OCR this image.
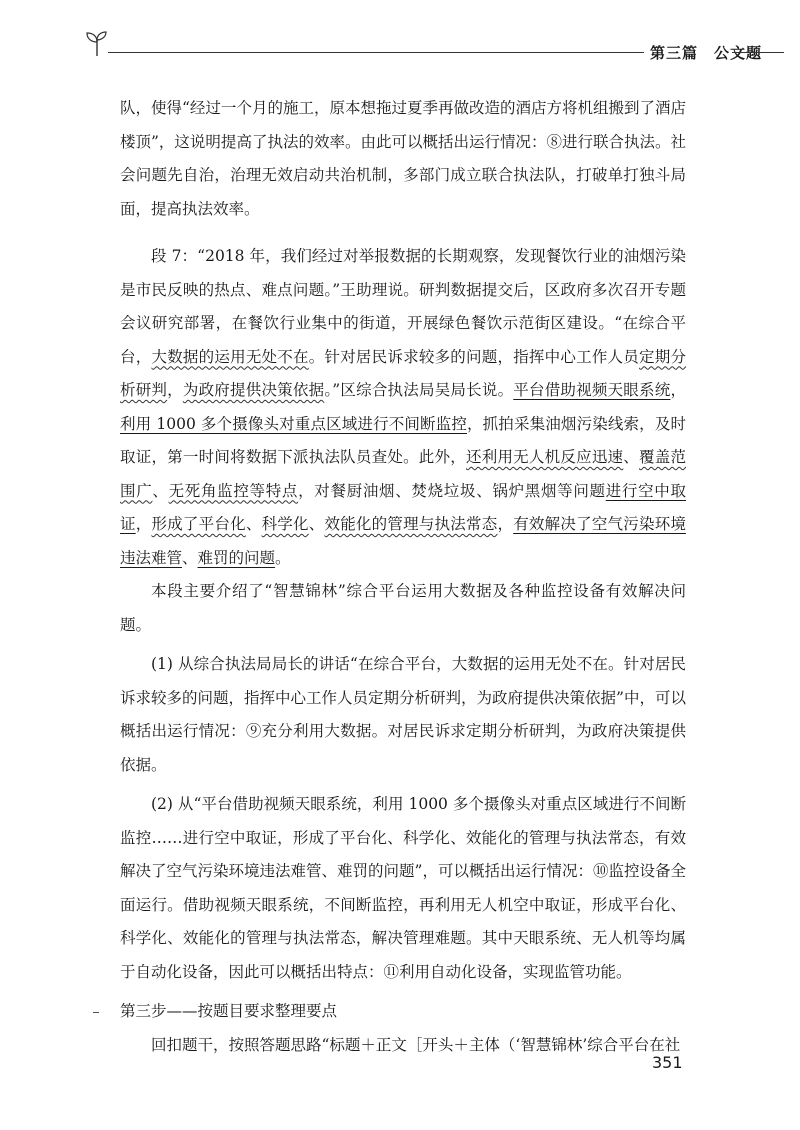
第三篇　公文题

队，使得“经过一个月的施工，原本想拖过夏季再做改造的酒店方将机组搬到了酒店楼顶”，这说明提高了执法的效率。由此可以概括出运行情况：⑧进行联合执法。社会问题先自治，治理无效启动共治机制，多部门成立联合执法队，打破单打独斗局面，提高执法效率。

段 7：“2018 年，我们经过对举报数据的长期观察，发现餐饮行业的油烟污染是市民反映的热点、难点问题。”王助理说。研判数据提交后，区政府多次召开专题会议研究部署，在餐饮行业集中的街道，开展绿色餐饮示范街区建设。“在综合平台，大数据的运用无处不在。针对居民诉求较多的问题，指挥中心工作人员定期分析研判，为政府提供决策依据。”区综合执法局吴局长说。平台借助视频天眼系统，利用 1000 多个摄像头对重点区域进行不间断监控，抓拍采集油烟污染线索，及时取证，第一时间将数据下派执法队员查处。此外，还利用无人机反应迅速、覆盖范围广、无死角监控等特点，对餐厨油烟、焚烧垃圾、锅炉黑烟等问题进行空中取证，形成了平台化、科学化、效能化的管理与执法常态，有效解决了空气污染环境违法难管、难罚的问题。

本段主要介绍了“智慧锦林”综合平台运用大数据及各种监控设备有效解决问题。

(1) 从综合执法局局长的讲话“在综合平台，大数据的运用无处不在。针对居民诉求较多的问题，指挥中心工作人员定期分析研判，为政府提供决策依据”中，可以概括出运行情况：⑨充分利用大数据。对居民诉求定期分析研判，为政府决策提供依据。

(2) 从“平台借助视频天眼系统，利用 1000 多个摄像头对重点区域进行不间断监控……进行空中取证，形成了平台化、科学化、效能化的管理与执法常态，有效解决了空气污染环境违法难管、难罚的问题”，可以概括出运行情况：⑩监控设备全面运行。借助视频天眼系统，不间断监控，再利用无人机空中取证，形成平台化、科学化、效能化的管理与执法常态，解决管理难题。其中天眼系统、无人机等均属于自动化设备，因此可以概括出特点：⑪利用自动化设备，实现监管功能。

第三步——按题目要求整理要点

回扣题干，按照答题思路“标题＋正文［开头＋主体（‘智慧锦林’综合平台在社

351
